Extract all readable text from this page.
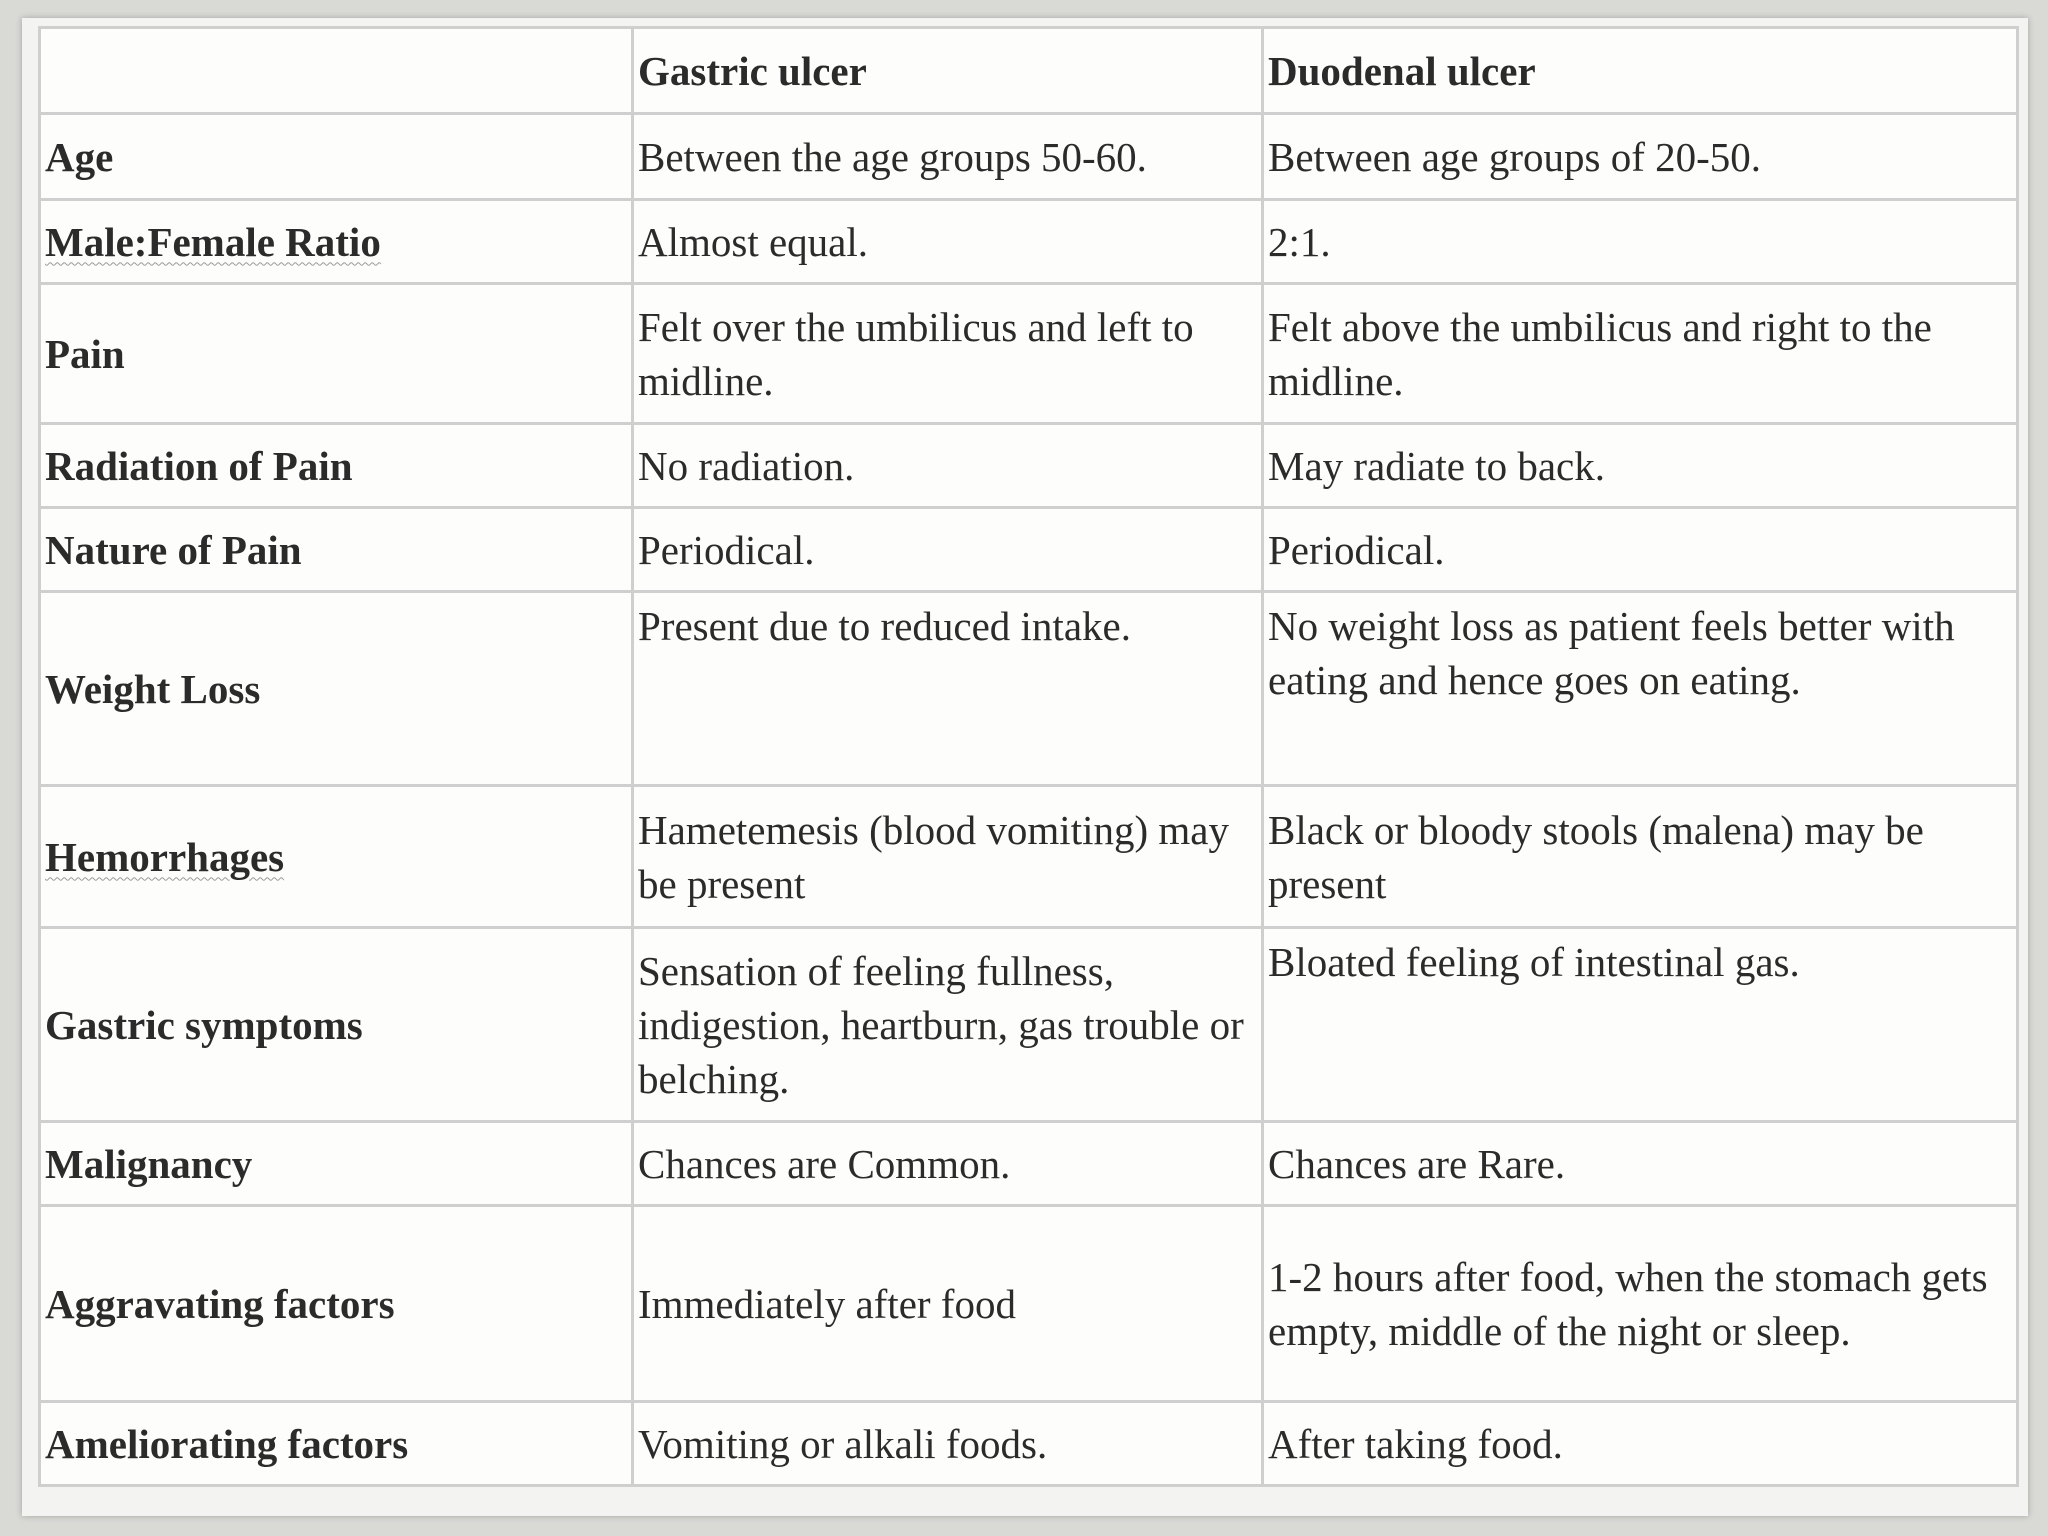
	Gastric ulcer	Duodenal ulcer
Age	Between the age groups 50-60.	Between age groups of 20-50.
Male:Female Ratio	Almost equal.	2:1.
Pain	Felt over the umbilicus and left to midline.	Felt above the umbilicus and right to the midline.
Radiation of Pain	No radiation.	May radiate to back.
Nature of Pain	Periodical.	Periodical.
Weight Loss	Present due to reduced intake.	No weight loss as patient feels better with eating and hence goes on eating.
Hemorrhages	Hametemesis (blood vomiting) may be present	Black or bloody stools (malena) may be present
Gastric symptoms	Sensation of feeling fullness, indigestion, heartburn, gas trouble or belching.	Bloated feeling of intestinal gas.
Malignancy	Chances are Common.	Chances are Rare.
Aggravating factors	Immediately after food	1-2 hours after food, when the stomach gets empty, middle of the night or sleep.
Ameliorating factors	Vomiting or alkali foods.	After taking food.
